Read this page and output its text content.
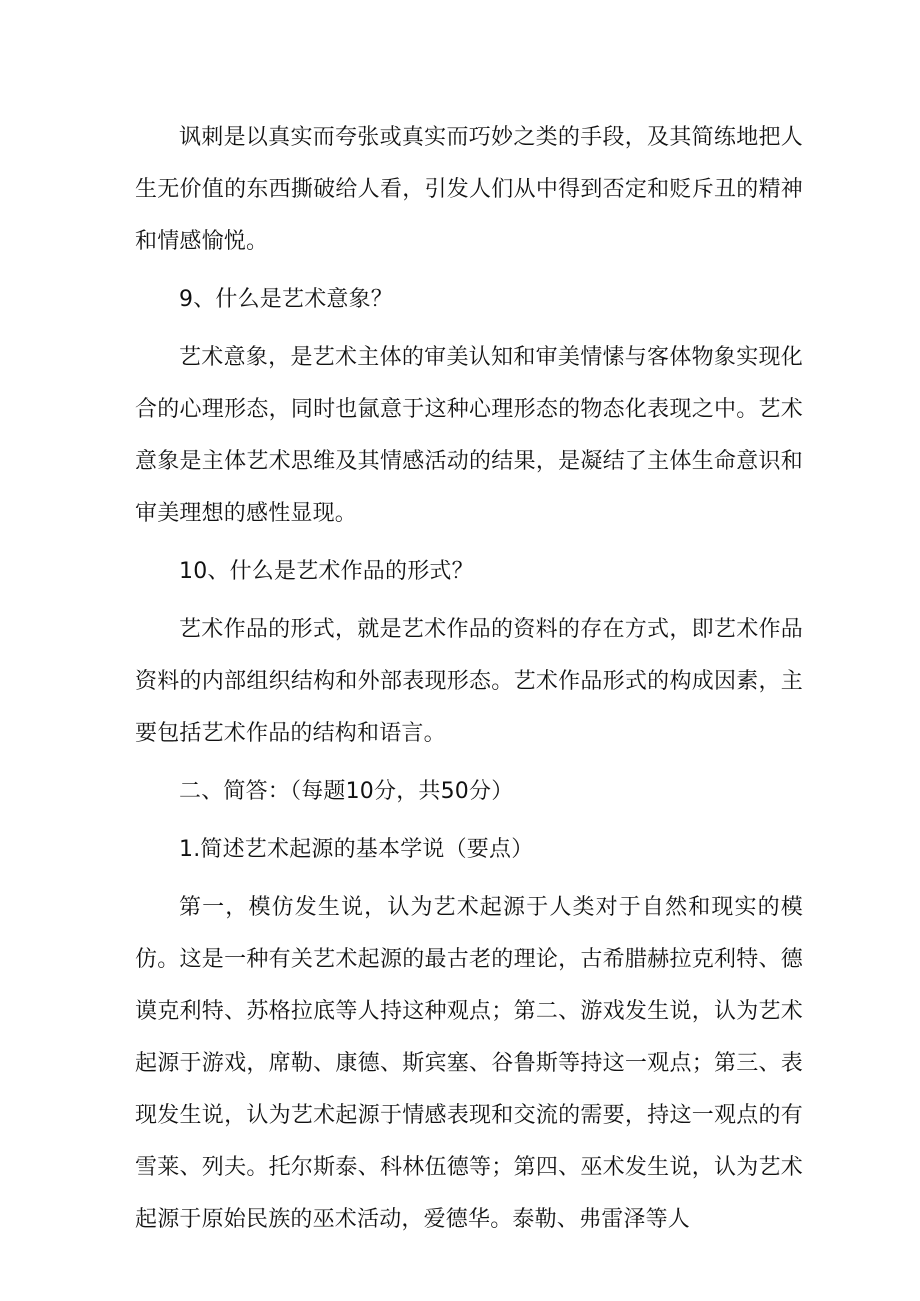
讽刺是以真实而夸张或真实而巧妙之类的手段，及其简练地把人生无价值的东西撕破给人看，引发人们从中得到否定和贬斥丑的精神和情感愉悦。

9、什么是艺术意象？

艺术意象，是艺术主体的审美认知和审美情愫与客体物象实现化合的心理形态，同时也氤意于这种心理形态的物态化表现之中。艺术意象是主体艺术思维及其情感活动的结果，是凝结了主体生命意识和审美理想的感性显现。

10、什么是艺术作品的形式？

艺术作品的形式，就是艺术作品的资料的存在方式，即艺术作品资料的内部组织结构和外部表现形态。艺术作品形式的构成因素，主要包括艺术作品的结构和语言。

二、简答：（每题10分，共50分）

1.简述艺术起源的基本学说（要点）

第一，模仿发生说，认为艺术起源于人类对于自然和现实的模仿。这是一种有关艺术起源的最古老的理论，古希腊赫拉克利特、德谟克利特、苏格拉底等人持这种观点；第二、游戏发生说，认为艺术起源于游戏，席勒、康德、斯宾塞、谷鲁斯等持这一观点；第三、表现发生说，认为艺术起源于情感表现和交流的需要，持这一观点的有雪莱、列夫。托尔斯泰、科林伍德等；第四、巫术发生说，认为艺术起源于原始民族的巫术活动，爱德华。泰勒、弗雷泽等人
